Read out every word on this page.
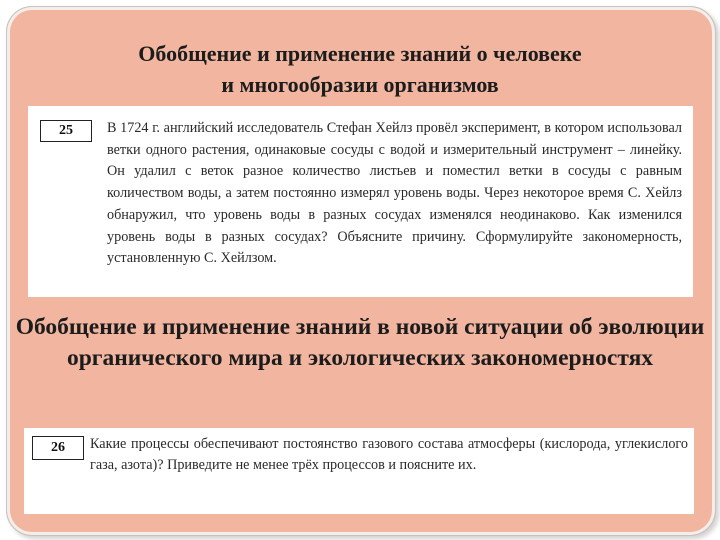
Обобщение и применение знаний о человеке
и многообразии организмов
25	В 1724 г. английский исследователь Стефан Хейлз провёл эксперимент, в котором использовал ветки одного растения, одинаковые сосуды с водой и измерительный инструмент – линейку. Он удалил с веток разное количество листьев и поместил ветки в сосуды с равным количеством воды, а затем постоянно измерял уровень воды. Через некоторое время С. Хейлз обнаружил, что уровень воды в разных сосудах изменялся неодинаково. Как изменился уровень воды в разных сосудах? Объясните причину. Сформулируйте закономерность, установленную С. Хейлзом.
Обобщение и применение знаний в новой ситуации об эволюции органического мира и экологических закономерностях
26	Какие процессы обеспечивают постоянство газового состава атмосферы (кислорода, углекислого газа, азота)? Приведите не менее трёх процессов и поясните их.
